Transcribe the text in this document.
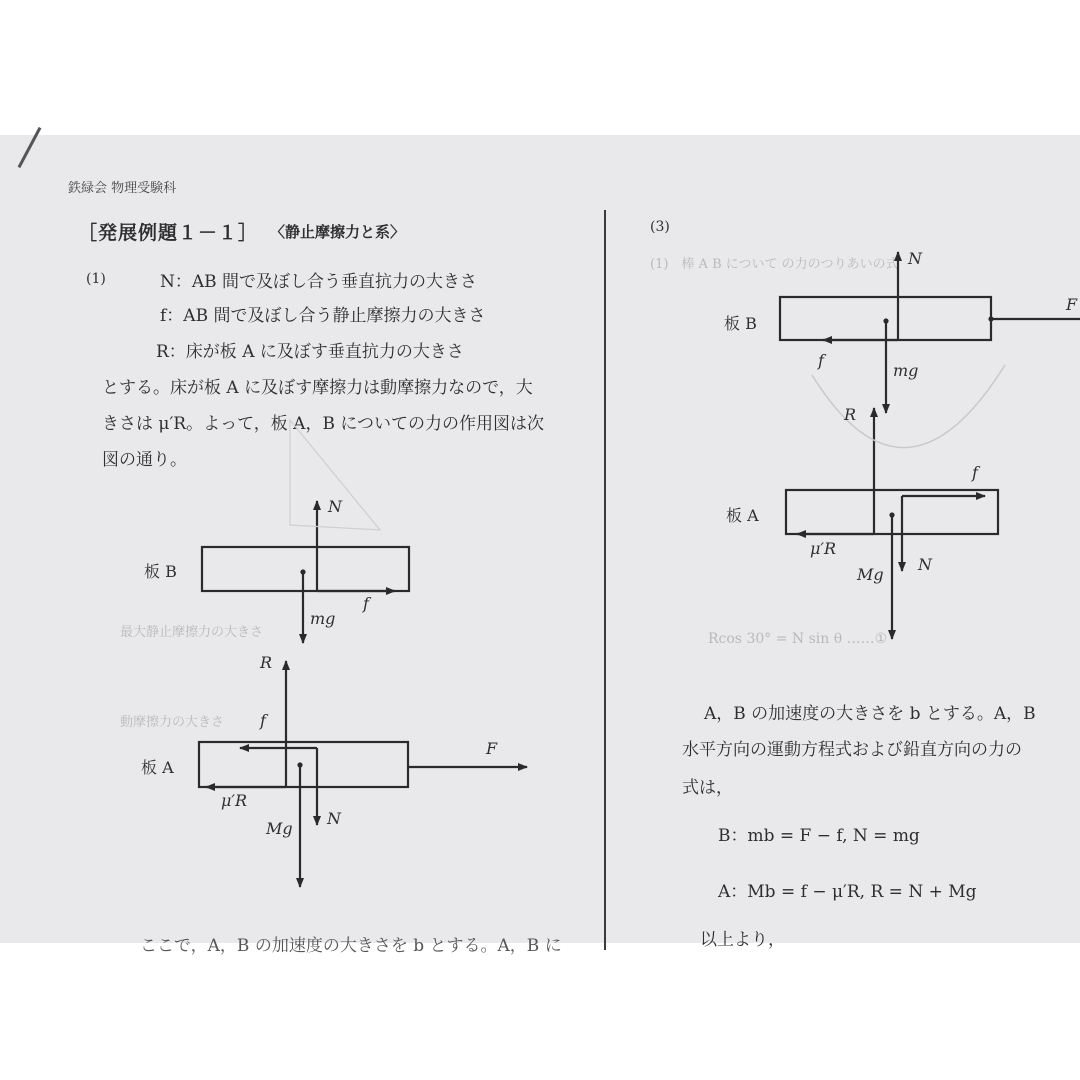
鉄緑会 物理受験科
［発展例題１－１］ 〈静止摩擦力と系〉
(1)	N：AB 間で及ぼし合う垂直抗力の大きさ
f：AB 間で及ぼし合う静止摩擦力の大きさ
R：床が板 A に及ぼす垂直抗力の大きさ
とする。床が板 A に及ぼす摩擦力は動摩擦力なので，大
きさは μ′R。よって，板 A，B についての力の作用図は次
図の通り。
最大静止摩擦力の大きさ
動摩擦力の大きさ
(1)　棒 A B について の力のつりあいの式
Rcos 30° = N sin θ ……①
ここで，A，B の加速度の大きさを b とする。A，B に
(3)
A，B の加速度の大きさを b とする。A，B
水平方向の運動方程式および鉛直方向の力の
式は，
B：mb = F − f, N = mg
A：Mb = f − μ′R, R = N + Mg
以上より，
板 B
板 A
N
mg
f
R
f
F
μ′R
Mg
N
板 B
板 A
N
f
mg
F
R
f
μ′R
Mg
N
